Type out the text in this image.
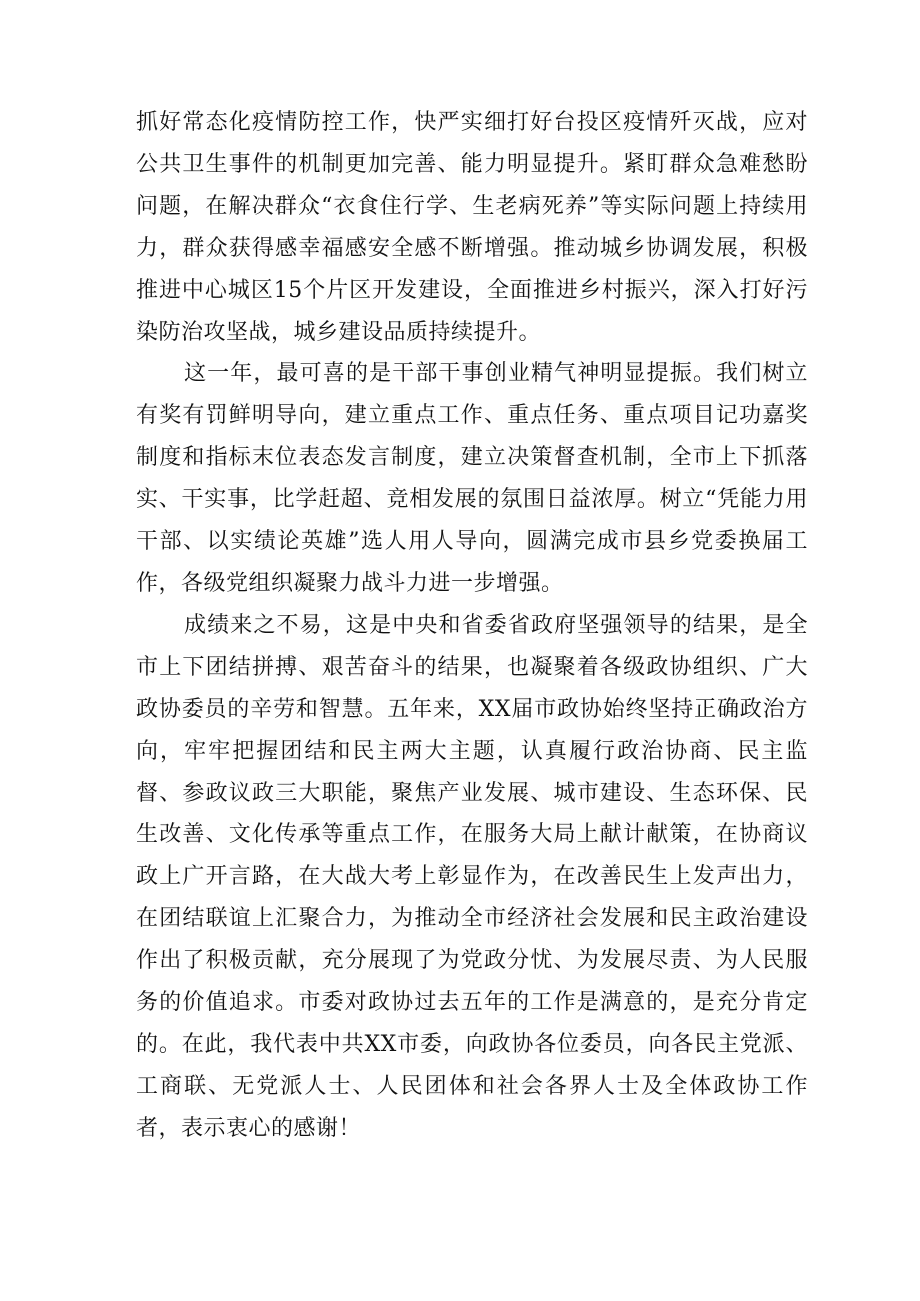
抓好常态化疫情防控工作，快严实细打好台投区疫情歼灭战，应对公共卫生事件的机制更加完善、能力明显提升。紧盯群众急难愁盼问题，在解决群众“衣食住行学、生老病死养”等实际问题上持续用力，群众获得感幸福感安全感不断增强。推动城乡协调发展，积极推进中心城区15个片区开发建设，全面推进乡村振兴，深入打好污染防治攻坚战，城乡建设品质持续提升。

这一年，最可喜的是干部干事创业精气神明显提振。我们树立有奖有罚鲜明导向，建立重点工作、重点任务、重点项目记功嘉奖制度和指标末位表态发言制度，建立决策督查机制，全市上下抓落实、干实事，比学赶超、竞相发展的氛围日益浓厚。树立“凭能力用干部、以实绩论英雄”选人用人导向，圆满完成市县乡党委换届工作，各级党组织凝聚力战斗力进一步增强。

成绩来之不易，这是中央和省委省政府坚强领导的结果，是全市上下团结拼搏、艰苦奋斗的结果，也凝聚着各级政协组织、广大政协委员的辛劳和智慧。五年来，XX届市政协始终坚持正确政治方向，牢牢把握团结和民主两大主题，认真履行政治协商、民主监督、参政议政三大职能，聚焦产业发展、城市建设、生态环保、民生改善、文化传承等重点工作，在服务大局上献计献策，在协商议政上广开言路，在大战大考上彰显作为，在改善民生上发声出力，在团结联谊上汇聚合力，为推动全市经济社会发展和民主政治建设作出了积极贡献，充分展现了为党政分忧、为发展尽责、为人民服务的价值追求。市委对政协过去五年的工作是满意的，是充分肯定的。在此，我代表中共XX市委，向政协各位委员，向各民主党派、工商联、无党派人士、人民团体和社会各界人士及全体政协工作者，表示衷心的感谢！
